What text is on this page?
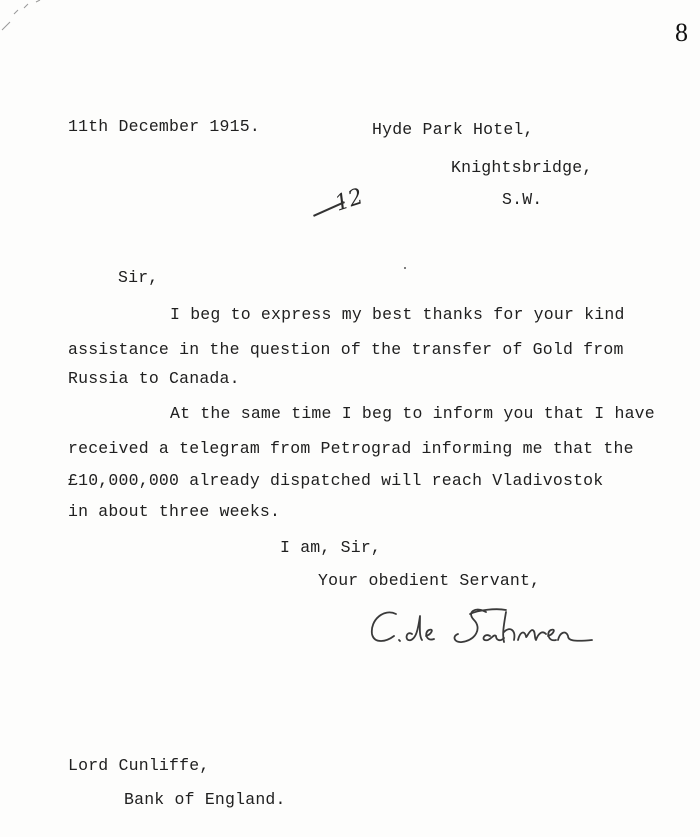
8
11th December 1915.	Hyde Park Hotel,
Knightsbridge,
S.W.
12
Sir,
I beg to express my best thanks for your kind
assistance in the question of the transfer of Gold from
Russia to Canada.
At the same time I beg to inform you that I have
received a telegram from Petrograd informing me that the
£10,000,000 already dispatched will reach Vladivostok
in about three weeks.
I am, Sir,
Your obedient Servant,
Lord Cunliffe,
Bank of England.
